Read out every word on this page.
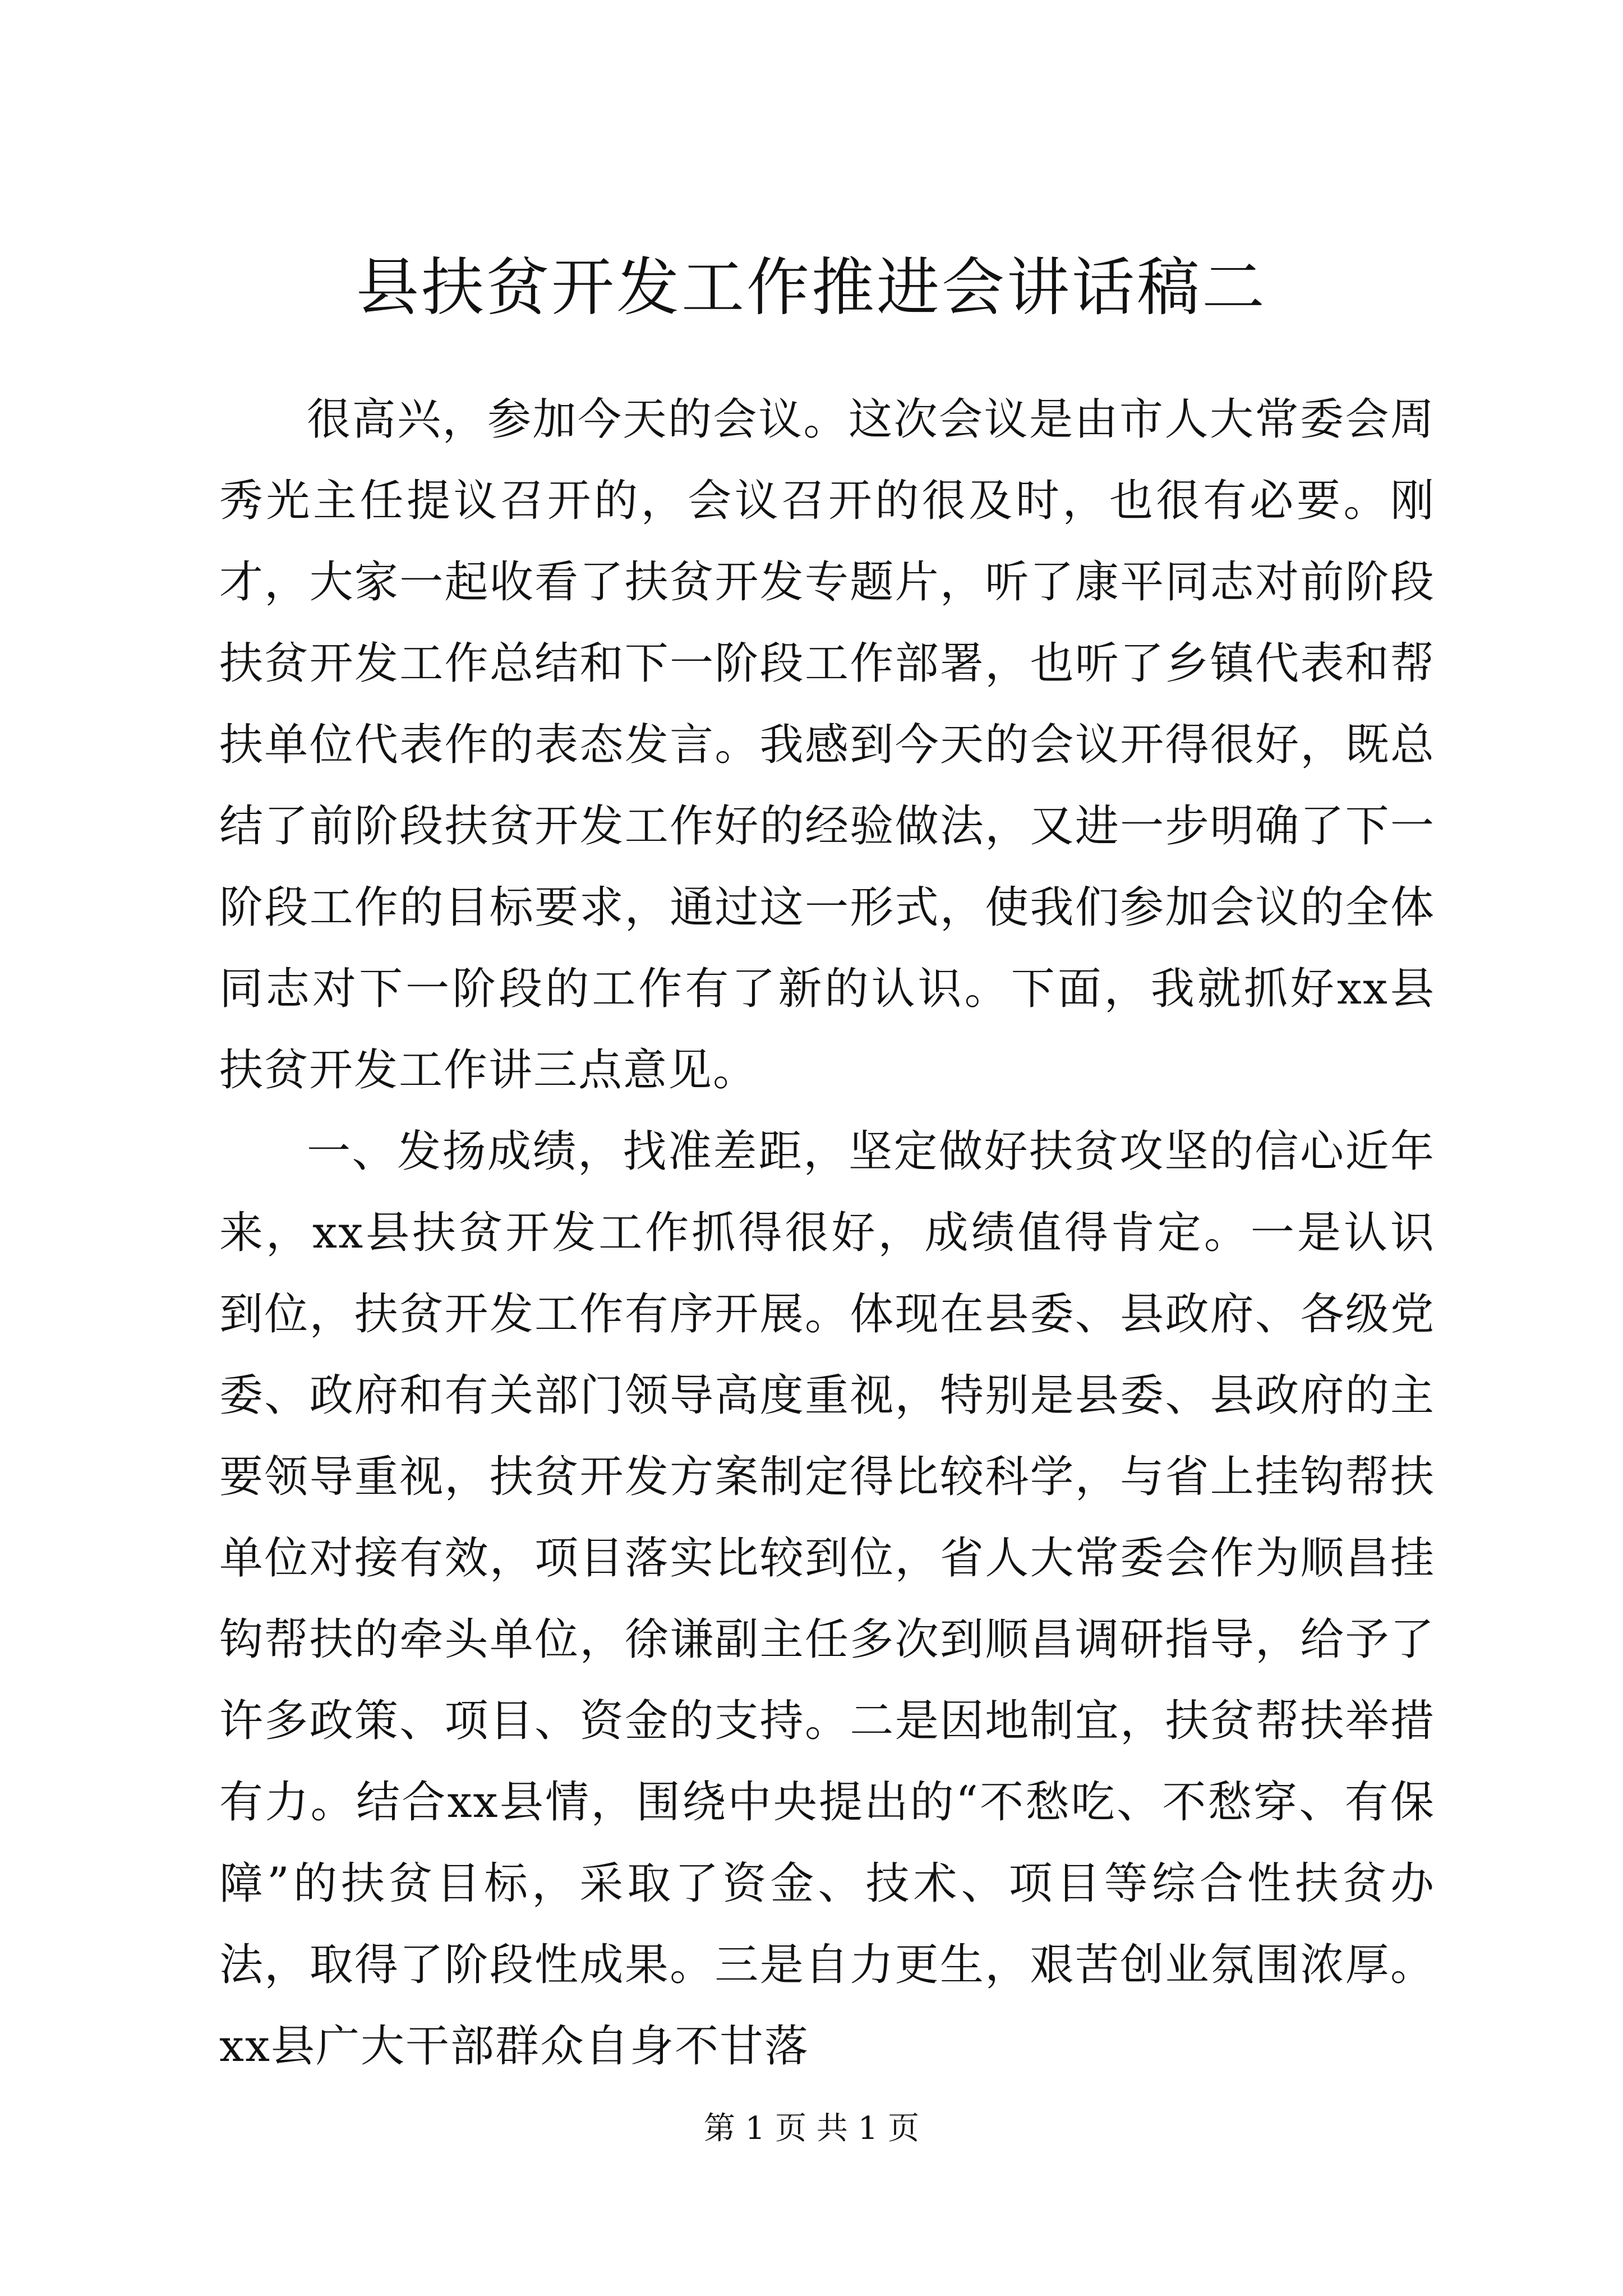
县扶贫开发工作推进会讲话稿二

很高兴，参加今天的会议。这次会议是由市人大常委会周秀光主任提议召开的，会议召开的很及时，也很有必要。刚才，大家一起收看了扶贫开发专题片，听了康平同志对前阶段扶贫开发工作总结和下一阶段工作部署，也听了乡镇代表和帮扶单位代表作的表态发言。我感到今天的会议开得很好，既总结了前阶段扶贫开发工作好的经验做法，又进一步明确了下一阶段工作的目标要求，通过这一形式，使我们参加会议的全体同志对下一阶段的工作有了新的认识。下面，我就抓好xx县扶贫开发工作讲三点意见。

一、发扬成绩，找准差距，坚定做好扶贫攻坚的信心近年来，xx县扶贫开发工作抓得很好，成绩值得肯定。一是认识到位，扶贫开发工作有序开展。体现在县委、县政府、各级党委、政府和有关部门领导高度重视，特别是县委、县政府的主要领导重视，扶贫开发方案制定得比较科学，与省上挂钩帮扶单位对接有效，项目落实比较到位，省人大常委会作为顺昌挂钩帮扶的牵头单位，徐谦副主任多次到顺昌调研指导，给予了许多政策、项目、资金的支持。二是因地制宜，扶贫帮扶举措有力。结合xx县情，围绕中央提出的“不愁吃、不愁穿、有保障”的扶贫目标，采取了资金、技术、项目等综合性扶贫办法，取得了阶段性成果。三是自力更生，艰苦创业氛围浓厚。xx县广大干部群众自身不甘落

第 1 页 共 1 页
